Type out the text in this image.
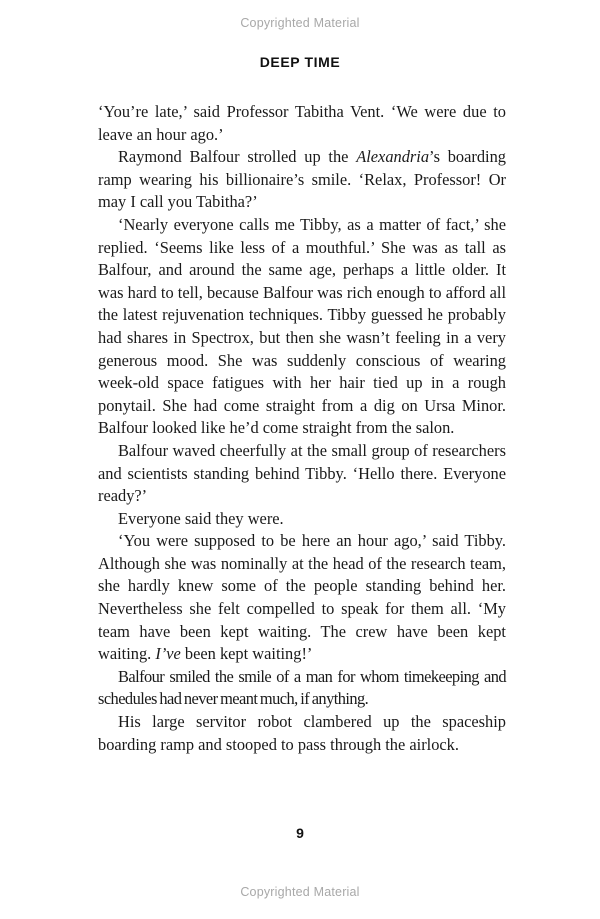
Copyrighted Material
DEEP TIME

‘You’re late,’ said Professor Tabitha Vent. ‘We were due to leave an hour ago.’

Raymond Balfour strolled up the Alexandria’s boarding ramp wearing his billionaire’s smile. ‘Relax, Professor! Or may I call you Tabitha?’

‘Nearly everyone calls me Tibby, as a matter of fact,’ she replied. ‘Seems like less of a mouthful.’ She was as tall as Balfour, and around the same age, perhaps a little older. It was hard to tell, because Balfour was rich enough to afford all the latest rejuvenation techniques. Tibby guessed he probably had shares in Spectrox, but then she wasn’t feeling in a very generous mood. She was suddenly conscious of wearing week-old space fatigues with her hair tied up in a rough ponytail. She had come straight from a dig on Ursa Minor. Balfour looked like he’d come straight from the salon.

Balfour waved cheerfully at the small group of researchers and scientists standing behind Tibby. ‘Hello there. Everyone ready?’

Everyone said they were.

‘You were supposed to be here an hour ago,’ said Tibby. Although she was nominally at the head of the research team, she hardly knew some of the people standing behind her. Nevertheless she felt compelled to speak for them all. ‘My team have been kept waiting. The crew have been kept waiting. I’ve been kept waiting!’

Balfour smiled the smile of a man for whom timekeeping and schedules had never meant much, if anything.

His large servitor robot clambered up the spaceship boarding ramp and stooped to pass through the airlock.

9
Copyrighted Material
